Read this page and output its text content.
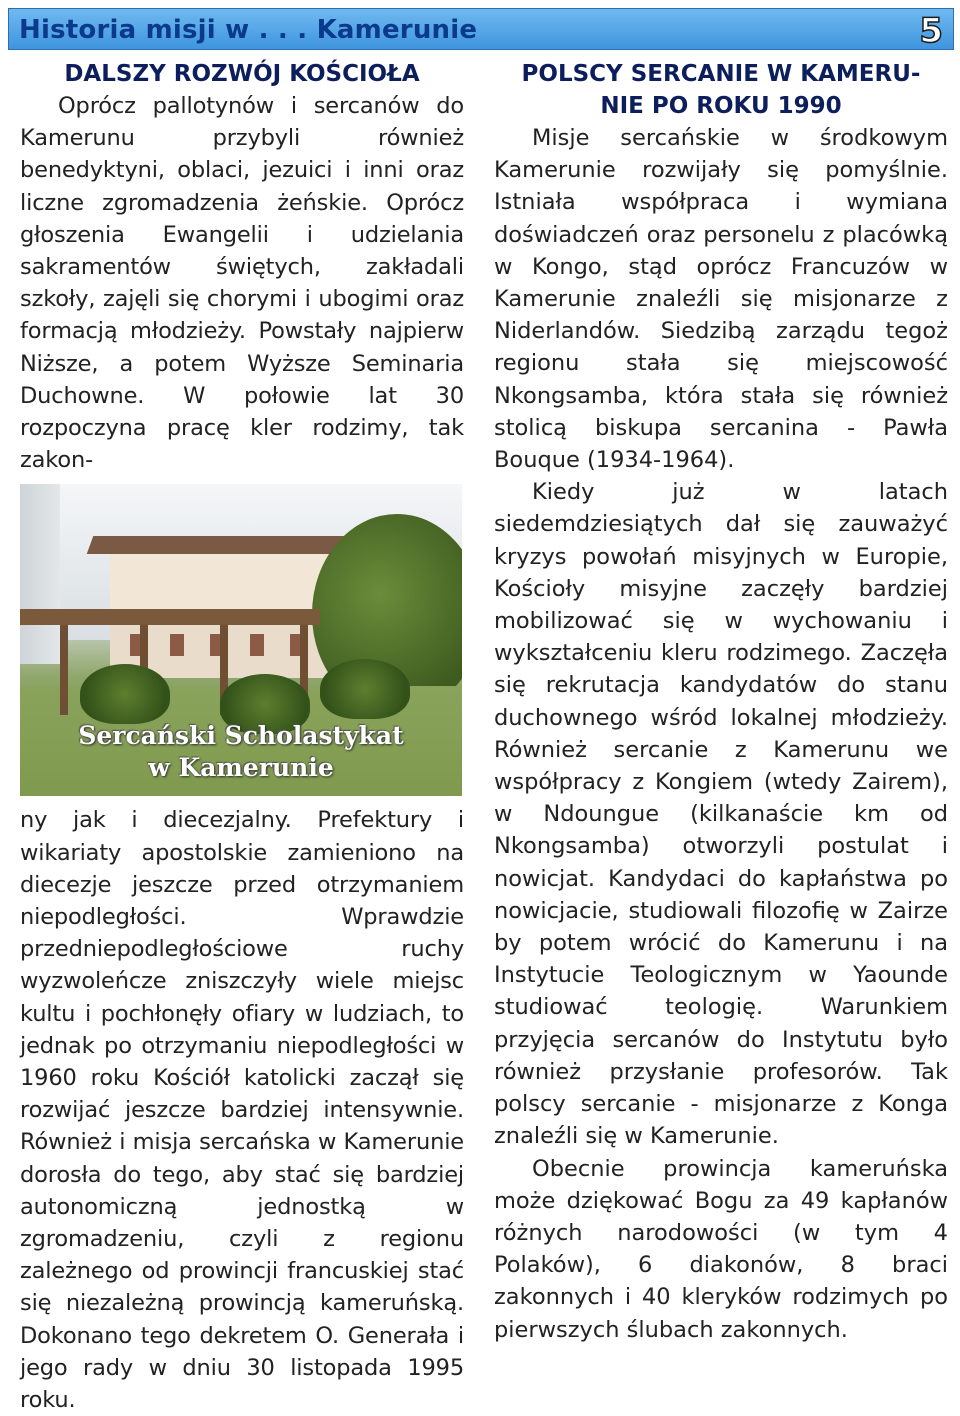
Historia misji w . . . Kamerunie	5

DALSZY ROZWÓJ KOŚCIOŁA

Oprócz pallotynów i sercanów do Kamerunu przybyli również benedyktyni, oblaci, jezuici i inni oraz liczne zgromadzenia żeńskie. Oprócz głoszenia Ewangelii i udzielania sakramentów świętych, zakładali szkoły, zajęli się chorymi i ubogimi oraz formacją młodzieży. Powstały najpierw Niższe, a potem Wyższe Seminaria Duchowne. W połowie lat 30 rozpoczyna pracę kler rodzimy, tak zakon-

Sercański Scholastykat
w Kamerunie

ny jak i diecezjalny. Prefektury i wikariaty apostolskie zamieniono na diecezje jeszcze przed otrzymaniem niepodległości. Wprawdzie przedniepodległościowe ruchy wyzwoleńcze zniszczyły wiele miejsc kultu i pochłonęły ofiary w ludziach, to jednak po otrzymaniu niepodległości w 1960 roku Kościół katolicki zaczął się rozwijać jeszcze bardziej intensywnie. Również i misja sercańska w Kamerunie dorosła do tego, aby stać się bardziej autonomiczną jednostką w zgromadzeniu, czyli z regionu zależnego od prowincji francuskiej stać się niezależną prowincją kameruńską. Dokonano tego dekretem O. Generała i jego rady w dniu 30 listopada 1995 roku.

POLSCY SERCANIE W KAMERU-

NIE PO ROKU 1990

Misje sercańskie w środkowym Kamerunie rozwijały się pomyślnie. Istniała współpraca i wymiana doświadczeń oraz personelu z placówką w Kongo, stąd oprócz Francuzów w Kamerunie znaleźli się misjonarze z Niderlandów. Siedzibą zarządu tegoż regionu stała się miejscowość Nkongsamba, która stała się również stolicą biskupa sercanina - Pawła Bouque (1934-1964).

Kiedy już w latach siedemdziesiątych dał się zauważyć kryzys powołań misyjnych w Europie, Kościoły misyjne zaczęły bardziej mobilizować się w wychowaniu i wykształceniu kleru rodzimego. Zaczęła się rekrutacja kandydatów do stanu duchownego wśród lokalnej młodzieży. Również sercanie z Kamerunu we współpracy z Kongiem (wtedy Zairem), w Ndoungue (kilkanaście km od Nkongsamba) otworzyli postulat i nowicjat. Kandydaci do kapłaństwa po nowicjacie, studiowali filozofię w Zairze by potem wrócić do Kamerunu i na Instytucie Teologicznym w Yaounde studiować teologię. Warunkiem przyjęcia sercanów do Instytutu było również przysłanie profesorów. Tak polscy sercanie - misjonarze z Konga znaleźli się w Kamerunie.

Obecnie prowincja kameruńska może dziękować Bogu za 49 kapłanów różnych narodowości (w tym 4 Polaków), 6 diakonów, 8 braci zakonnych i 40 kleryków rodzimych po pierwszych ślubach zakonnych.
